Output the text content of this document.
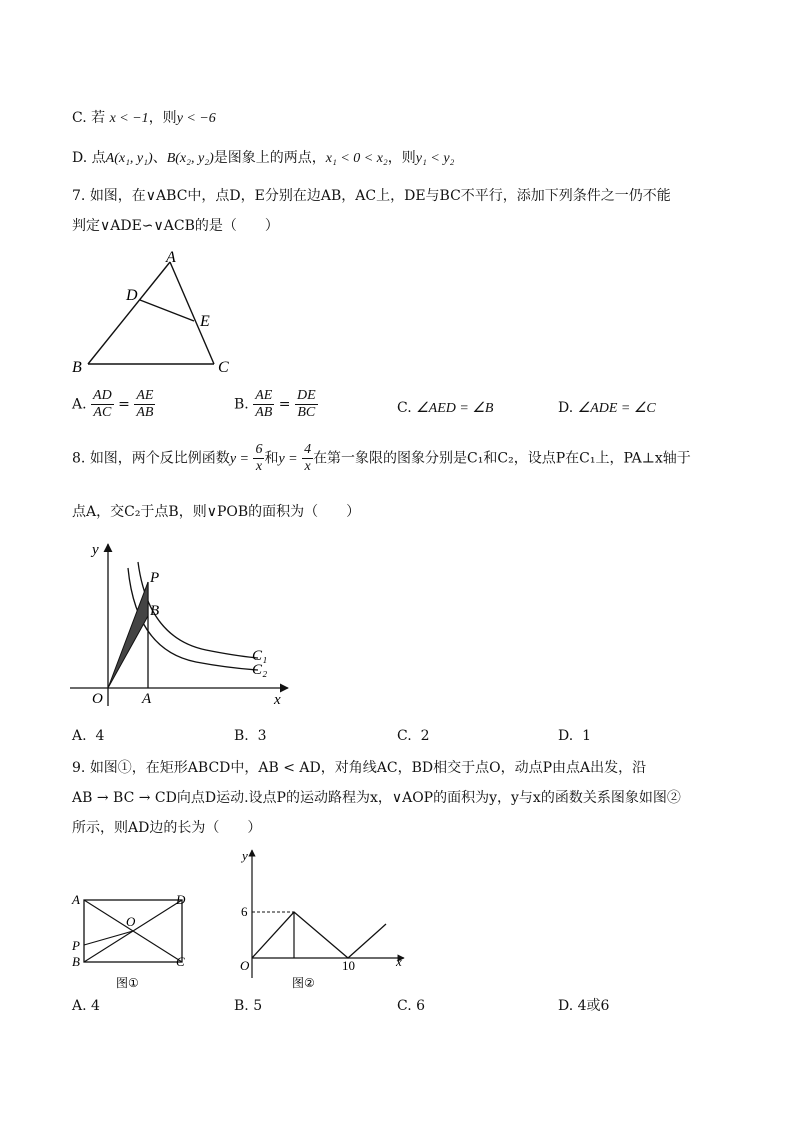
C. 若 x < −1，则y < −6
D. 点A(x₁, y₁)、B(x₂, y₂)是图象上的两点，x₁ < 0 < x₂，则y₁ < y₂
7. 如图，在∨ABC中，点D，E分别在边AB，AC上，DE与BC不平行，添加下列条件之一仍不能
判定∨ADE∽∨ACB的是（　　）
A
D
E
B	C
A. $\frac{AD}{AC} = \frac{AE}{AB}$	B. $\frac{AE}{AB} = \frac{DE}{BC}$	C. ∠AED = ∠B	D. ∠ADE = ∠C
8. 如图，两个反比例函数$y = \frac{6}{x}$ 和$y = \frac{4}{x}$ 在第一象限的图象分别是C₁和C₂，设点P在C₁上，PA⊥x轴于
点A，交C₂于点B，则∨POB的面积为（　　）
y
x
O	A
P
B
C₁
C₂
A. 4	B. 3	C. 2	D. 1
9. 如图①，在矩形ABCD中，AB < AD，对角线AC，BD相交于点O，动点P由点A出发，沿
AB → BC → CD向点D运动.设点P的运动路程为x，∨AOP的面积为y，y与x的函数关系图象如图②
所示，则AD边的长为（　　）
A	D
O
P
B	C
图①
y
x
O
6
10
图②
A. 4	B. 5	C. 6	D. 4或6
